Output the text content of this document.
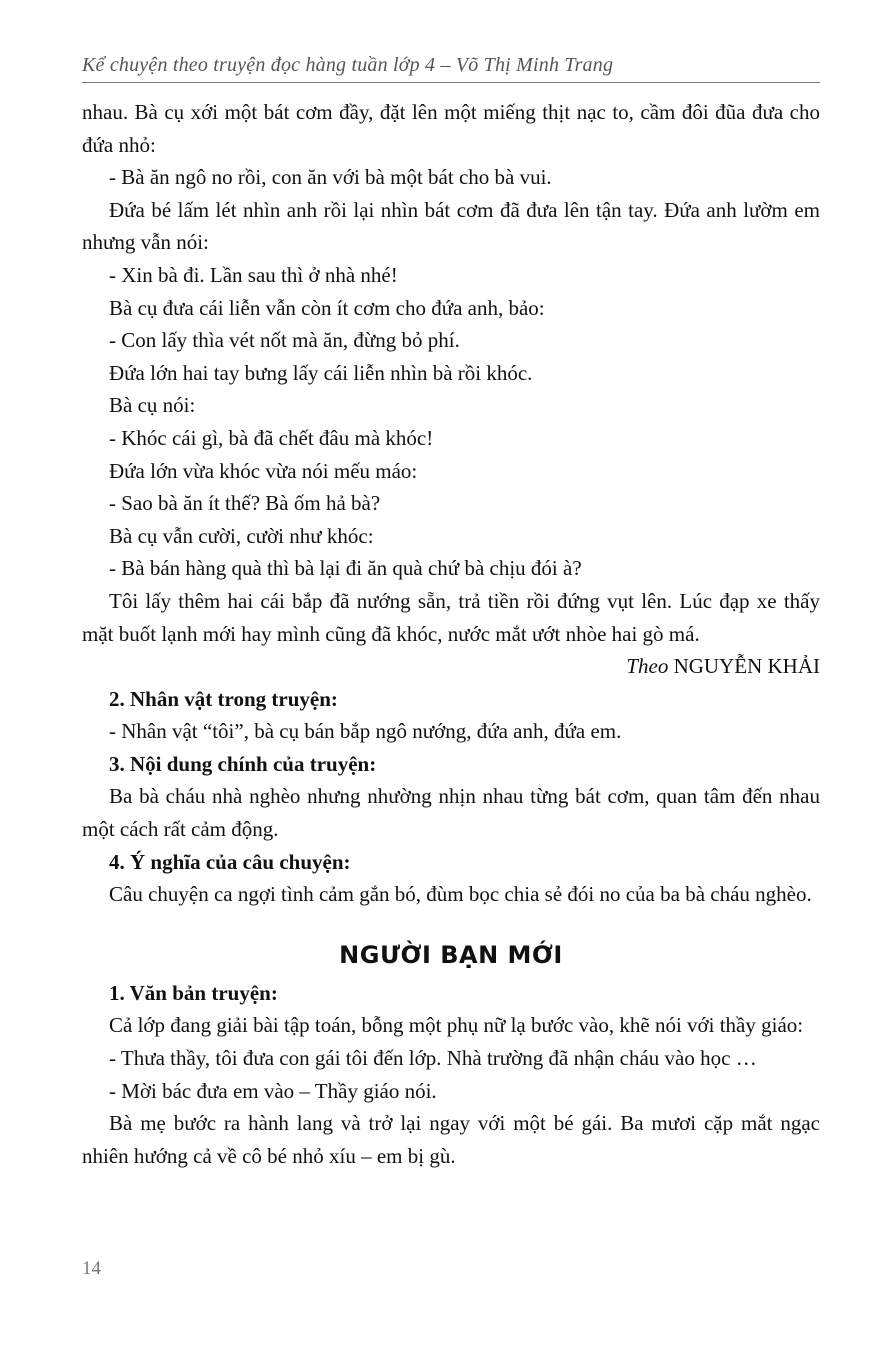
Kể chuyện theo truyện đọc hàng tuần lớp 4 – Võ Thị Minh Trang

nhau. Bà cụ xới một bát cơm đầy, đặt lên một miếng thịt nạc to, cầm đôi đũa đưa cho đứa nhỏ:

- Bà ăn ngô no rồi, con ăn với bà một bát cho bà vui.

Đứa bé lấm lét nhìn anh rồi lại nhìn bát cơm đã đưa lên tận tay. Đứa anh lườm em nhưng vẫn nói:

- Xin bà đi. Lần sau thì ở nhà nhé!

Bà cụ đưa cái liễn vẫn còn ít cơm cho đứa anh, bảo:

- Con lấy thìa vét nốt mà ăn, đừng bỏ phí.

Đứa lớn hai tay bưng lấy cái liễn nhìn bà rồi khóc.

Bà cụ nói:

- Khóc cái gì, bà đã chết đâu mà khóc!

Đứa lớn vừa khóc vừa nói mếu máo:

- Sao bà ăn ít thế? Bà ốm hả bà?

Bà cụ vẫn cười, cười như khóc:

- Bà bán hàng quà thì bà lại đi ăn quà chứ bà chịu đói à?

Tôi lấy thêm hai cái bắp đã nướng sẵn, trả tiền rồi đứng vụt lên. Lúc đạp xe thấy mặt buốt lạnh mới hay mình cũng đã khóc, nước mắt ướt nhòe hai gò má.

Theo NGUYỄN KHẢI

2. Nhân vật trong truyện:

- Nhân vật “tôi”, bà cụ bán bắp ngô nướng, đứa anh, đứa em.

3. Nội dung chính của truyện:

Ba bà cháu nhà nghèo nhưng nhường nhịn nhau từng bát cơm, quan tâm đến nhau một cách rất cảm động.

4. Ý nghĩa của câu chuyện:

Câu chuyện ca ngợi tình cảm gắn bó, đùm bọc chia sẻ đói no của ba bà cháu nghèo.

NGƯỜI BẠN MỚI

1. Văn bản truyện:

Cả lớp đang giải bài tập toán, bỗng một phụ nữ lạ bước vào, khẽ nói với thầy giáo:

- Thưa thầy, tôi đưa con gái tôi đến lớp. Nhà trường đã nhận cháu vào học …

- Mời bác đưa em vào – Thầy giáo nói.

Bà mẹ bước ra hành lang và trở lại ngay với một bé gái. Ba mươi cặp mắt ngạc nhiên hướng cả về cô bé nhỏ xíu – em bị gù.

14
